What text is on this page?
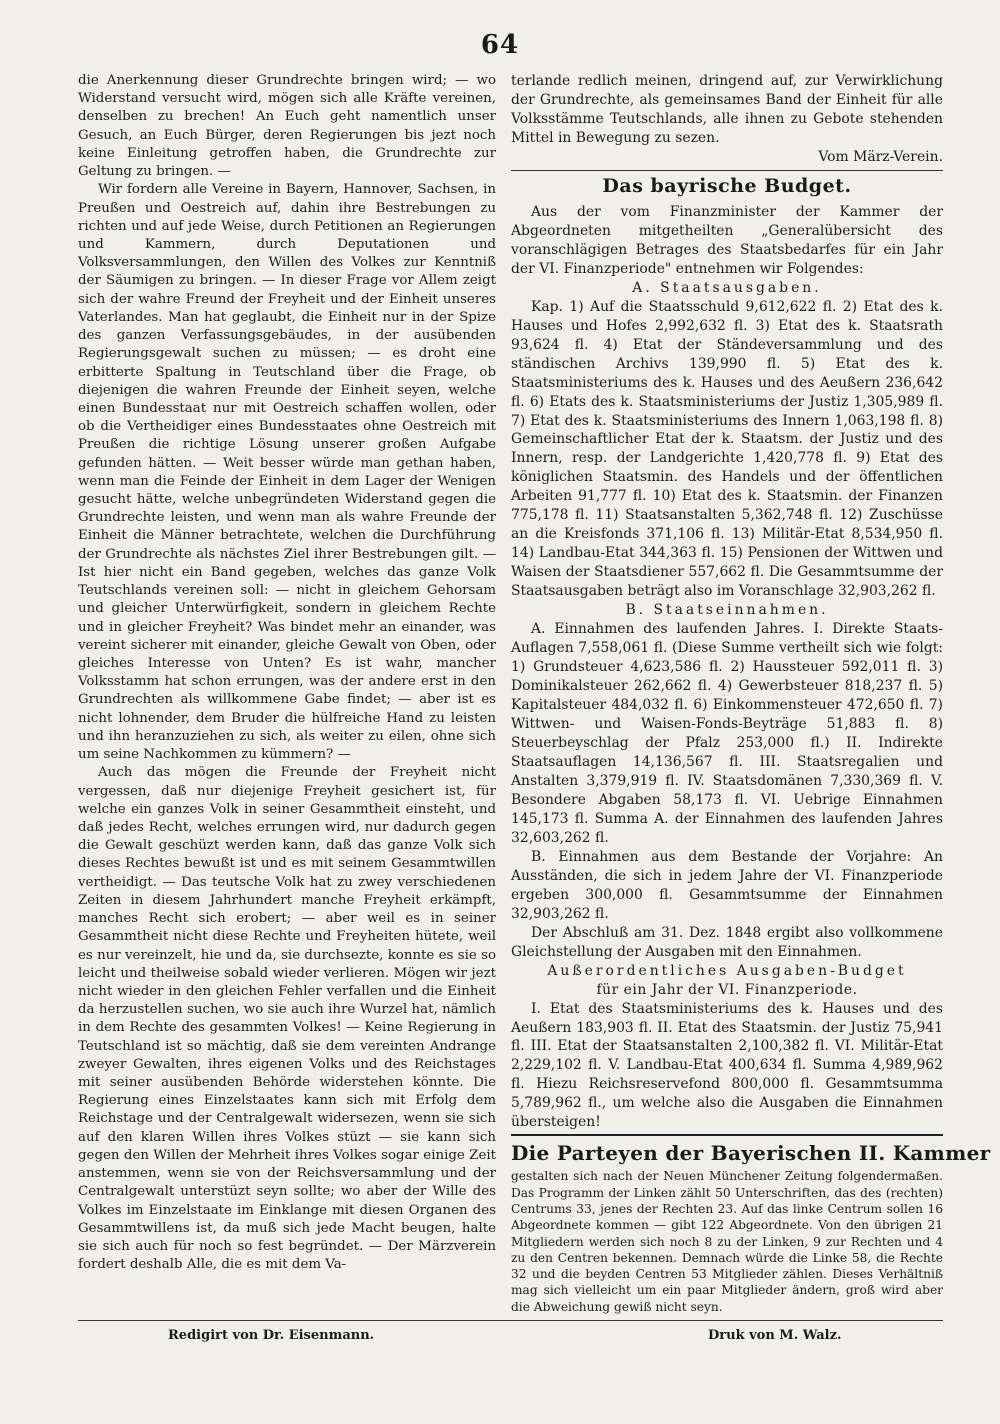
64

die Anerkennung dieser Grundrechte bringen wird; — wo Widerstand versucht wird, mögen sich alle Kräfte vereinen, denselben zu brechen! An Euch geht namentlich unser Gesuch, an Euch Bürger, deren Regierungen bis jezt noch keine Einleitung getroffen haben, die Grundrechte zur Geltung zu bringen. —

Wir fordern alle Vereine in Bayern, Hannover, Sachsen, in Preußen und Oestreich auf, dahin ihre Bestrebungen zu richten und auf jede Weise, durch Petitionen an Regierungen und Kammern, durch Deputationen und Volksversammlungen, den Willen des Volkes zur Kenntniß der Säumigen zu bringen. — In dieser Frage vor Allem zeigt sich der wahre Freund der Freyheit und der Einheit unseres Vaterlandes. Man hat geglaubt, die Einheit nur in der Spize des ganzen Verfassungsgebäudes, in der ausübenden Regierungsgewalt suchen zu müssen; — es droht eine erbitterte Spaltung in Teutschland über die Frage, ob diejenigen die wahren Freunde der Einheit seyen, welche einen Bundesstaat nur mit Oestreich schaffen wollen, oder ob die Vertheidiger eines Bundesstaates ohne Oestreich mit Preußen die richtige Lösung unserer großen Aufgabe gefunden hätten. — Weit besser würde man gethan haben, wenn man die Feinde der Einheit in dem Lager der Wenigen gesucht hätte, welche unbegründeten Widerstand gegen die Grundrechte leisten, und wenn man als wahre Freunde der Einheit die Männer betrachtete, welchen die Durchführung der Grundrechte als nächstes Ziel ihrer Bestrebungen gilt. — Ist hier nicht ein Band gegeben, welches das ganze Volk Teutschlands vereinen soll: — nicht in gleichem Gehorsam und gleicher Unterwürfigkeit, sondern in gleichem Rechte und in gleicher Freyheit? Was bindet mehr an einander, was vereint sicherer mit einander, gleiche Gewalt von Oben, oder gleiches Interesse von Unten? Es ist wahr, mancher Volksstamm hat schon errungen, was der andere erst in den Grundrechten als willkommene Gabe findet; — aber ist es nicht lohnender, dem Bruder die hülfreiche Hand zu leisten und ihn heranzuziehen zu sich, als weiter zu eilen, ohne sich um seine Nachkommen zu kümmern? —

Auch das mögen die Freunde der Freyheit nicht vergessen, daß nur diejenige Freyheit gesichert ist, für welche ein ganzes Volk in seiner Gesammtheit einsteht, und daß jedes Recht, welches errungen wird, nur dadurch gegen die Gewalt geschüzt werden kann, daß das ganze Volk sich dieses Rechtes bewußt ist und es mit seinem Gesammtwillen vertheidigt. — Das teutsche Volk hat zu zwey verschiedenen Zeiten in diesem Jahrhundert manche Freyheit erkämpft, manches Recht sich erobert; — aber weil es in seiner Gesammtheit nicht diese Rechte und Freyheiten hütete, weil es nur vereinzelt, hie und da, sie durchsezte, konnte es sie so leicht und theilweise sobald wieder verlieren. Mögen wir jezt nicht wieder in den gleichen Fehler verfallen und die Einheit da herzustellen suchen, wo sie auch ihre Wurzel hat, nämlich in dem Rechte des gesammten Volkes! — Keine Regierung in Teutschland ist so mächtig, daß sie dem vereinten Andrange zweyer Gewalten, ihres eigenen Volks und des Reichstages mit seiner ausübenden Behörde widerstehen könnte. Die Regierung eines Einzelstaates kann sich mit Erfolg dem Reichstage und der Centralgewalt widersezen, wenn sie sich auf den klaren Willen ihres Volkes stüzt — sie kann sich gegen den Willen der Mehrheit ihres Volkes sogar einige Zeit anstemmen, wenn sie von der Reichsversammlung und der Centralgewalt unterstüzt seyn sollte; wo aber der Wille des Volkes im Einzelstaate im Einklange mit diesen Organen des Gesammtwillens ist, da muß sich jede Macht beugen, halte sie sich auch für noch so fest begründet. — Der Märzverein fordert deshalb Alle, die es mit dem Va-

terlande redlich meinen, dringend auf, zur Verwirklichung der Grundrechte, als gemeinsames Band der Einheit für alle Volksstämme Teutschlands, alle ihnen zu Gebote stehenden Mittel in Bewegung zu sezen.

Vom März-Verein.

Das bayrische Budget.

Aus der vom Finanzminister der Kammer der Abgeordneten mitgetheilten „Generalübersicht des voranschlägigen Betrages des Staatsbedarfes für ein Jahr der VI. Finanzperiode" entnehmen wir Folgendes:

A. Staatsausgaben.

Kap. 1) Auf die Staatsschuld 9,612,622 fl. 2) Etat des k. Hauses und Hofes 2,992,632 fl. 3) Etat des k. Staatsrath 93,624 fl. 4) Etat der Ständeversammlung und des ständischen Archivs 139,990 fl. 5) Etat des k. Staatsministeriums des k. Hauses und des Aeußern 236,642 fl. 6) Etats des k. Staatsministeriums der Justiz 1,305,989 fl. 7) Etat des k. Staatsministeriums des Innern 1,063,198 fl. 8) Gemeinschaftlicher Etat der k. Staatsm. der Justiz und des Innern, resp. der Landgerichte 1,420,778 fl. 9) Etat des königlichen Staatsmin. des Handels und der öffentlichen Arbeiten 91,777 fl. 10) Etat des k. Staatsmin. der Finanzen 775,178 fl. 11) Staatsanstalten 5,362,748 fl. 12) Zuschüsse an die Kreisfonds 371,106 fl. 13) Militär-Etat 8,534,950 fl. 14) Landbau-Etat 344,363 fl. 15) Pensionen der Wittwen und Waisen der Staatsdiener 557,662 fl. Die Gesammtsumme der Staatsausgaben beträgt also im Voranschlage 32,903,262 fl.

B. Staatseinnahmen.

A. Einnahmen des laufenden Jahres. I. Direkte Staats-Auflagen 7,558,061 fl. (Diese Summe vertheilt sich wie folgt: 1) Grundsteuer 4,623,586 fl. 2) Haussteuer 592,011 fl. 3) Dominikalsteuer 262,662 fl. 4) Gewerbsteuer 818,237 fl. 5) Kapitalsteuer 484,032 fl. 6) Einkommensteuer 472,650 fl. 7) Wittwen- und Waisen-Fonds-Beyträge 51,883 fl. 8) Steuerbeyschlag der Pfalz 253,000 fl.) II. Indirekte Staatsauflagen 14,136,567 fl. III. Staatsregalien und Anstalten 3,379,919 fl. IV. Staatsdomänen 7,330,369 fl. V. Besondere Abgaben 58,173 fl. VI. Uebrige Einnahmen 145,173 fl. Summa A. der Einnahmen des laufenden Jahres 32,603,262 fl.

B. Einnahmen aus dem Bestande der Vorjahre: An Ausständen, die sich in jedem Jahre der VI. Finanzperiode ergeben 300,000 fl. Gesammtsumme der Einnahmen 32,903,262 fl.

Der Abschluß am 31. Dez. 1848 ergibt also vollkommene Gleichstellung der Ausgaben mit den Einnahmen.

Außerordentliches Ausgaben-Budget

für ein Jahr der VI. Finanzperiode.

I. Etat des Staatsministeriums des k. Hauses und des Aeußern 183,903 fl. II. Etat des Staatsmin. der Justiz 75,941 fl. III. Etat der Staatsanstalten 2,100,382 fl. VI. Militär-Etat 2,229,102 fl. V. Landbau-Etat 400,634 fl. Summa 4,989,962 fl. Hiezu Reichsreservefond 800,000 fl. Gesammtsumma 5,789,962 fl., um welche also die Ausgaben die Einnahmen übersteigen!

Die Parteyen der Bayerischen II. Kammer

gestalten sich nach der Neuen Münchener Zeitung folgendermaßen. Das Programm der Linken zählt 50 Unterschriften, das des (rechten) Centrums 33, jenes der Rechten 23. Auf das linke Centrum sollen 16 Abgeordnete kommen — gibt 122 Abgeordnete. Von den übrigen 21 Mitgliedern werden sich noch 8 zu der Linken, 9 zur Rechten und 4 zu den Centren bekennen. Demnach würde die Linke 58, die Rechte 32 und die beyden Centren 53 Mitglieder zählen. Dieses Verhältniß mag sich vielleicht um ein paar Mitglieder ändern, groß wird aber die Abweichung gewiß nicht seyn.

Redigirt von Dr. Eisenmann.	Druk von M. Walz.
